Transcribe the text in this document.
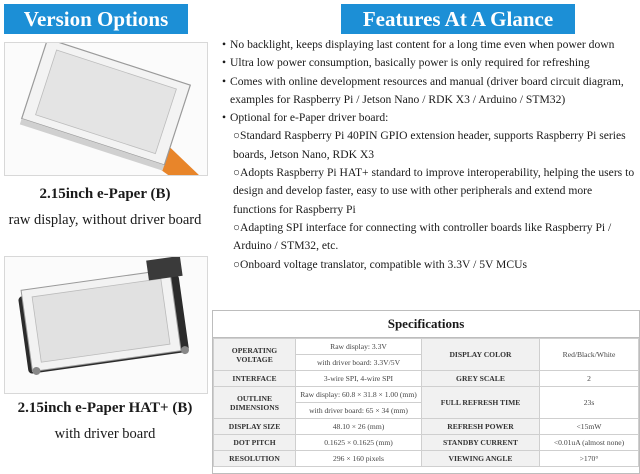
Version Options
2.15inch e-Paper (B)
raw display, without driver board
2.15inch e-Paper HAT+ (B)
with driver board
Features At A Glance
• No backlight, keeps displaying last content for a long time even when power down
• Ultra low power consumption, basically power is only required for refreshing
• Comes with online development resources and manual (driver board circuit diagram, examples for Raspberry Pi / Jetson Nano / RDK X3 / Arduino / STM32)
• Optional for e-Paper driver board:
○Standard Raspberry Pi 40PIN GPIO extension header, supports Raspberry Pi series boards, Jetson Nano, RDK X3
○Adopts Raspberry Pi HAT+ standard to improve interoperability, helping the users to design and develop faster, easy to use with other peripherals and extend more functions for Raspberry Pi
○Adapting SPI interface for connecting with controller boards like Raspberry Pi / Arduino / STM32, etc.
○Onboard voltage translator, compatible with 3.3V / 5V MCUs
Specifications
OPERATING VOLTAGE	Raw display: 3.3V	DISPLAY COLOR	Red/Black/White
	with driver board: 3.3V/5V		
INTERFACE	3-wire SPI, 4-wire SPI	GREY SCALE	2
OUTLINE DIMENSIONS	Raw display: 60.8 × 31.8 × 1.00 (mm)	FULL REFRESH TIME	23s
	with driver board: 65 × 34 (mm)		
DISPLAY SIZE	48.10 × 26 (mm)	REFRESH POWER	<15mW
DOT PITCH	0.1625 × 0.1625 (mm)	STANDBY CURRENT	<0.01uA (almost none)
RESOLUTION	296 × 160 pixels	VIEWING ANGLE	>170°
